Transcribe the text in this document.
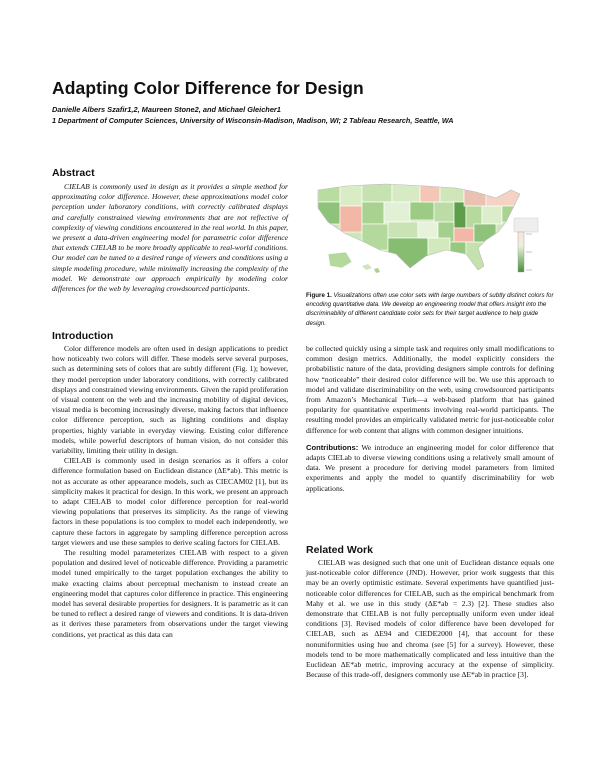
Adapting Color Difference for Design
Danielle Albers Szafir1,2, Maureen Stone2, and Michael Gleicher1
1 Department of Computer Sciences, University of Wisconsin-Madison, Madison, WI; 2 Tableau Research, Seattle, WA
Abstract

CIELAB is commonly used in design as it provides a simple method for approximating color difference. However, these approximations model color perception under laboratory conditions, with correctly calibrated displays and carefully constrained viewing environments that are not reflective of complexity of viewing conditions encountered in the real world. In this paper, we present a data-driven engineering model for parametric color difference that extends CIELAB to be more broadly applicable to real-world conditions. Our model can be tuned to a desired range of viewers and conditions using a simple modeling procedure, while minimally increasing the complexity of the model. We demonstrate our approach empirically by modeling color differences for the web by leveraging crowdsourced participants.

Figure 1. Visualizations often use color sets with large numbers of subtly distinct colors for encoding quantitative data. We develop an engineering model that offers insight into the discriminability of different candidate color sets for their target audience to help guide design.
Introduction

Color difference models are often used in design applications to predict how noticeably two colors will differ. These models serve several purposes, such as determining sets of colors that are subtly different (Fig. 1); however, they model perception under laboratory conditions, with correctly calibrated displays and constrained viewing environments. Given the rapid proliferation of visual content on the web and the increasing mobility of digital devices, visual media is becoming increasingly diverse, making factors that influence color difference perception, such as lighting conditions and display properties, highly variable in everyday viewing. Existing color difference models, while powerful descriptors of human vision, do not consider this variability, limiting their utility in design.

CIELAB is commonly used in design scenarios as it offers a color difference formulation based on Euclidean distance (ΔE*ab). This metric is not as accurate as other appearance models, such as CIECAM02 [1], but its simplicity makes it practical for design. In this work, we present an approach to adapt CIELAB to model color difference perception for real-world viewing populations that preserves its simplicity. As the range of viewing factors in these populations is too complex to model each independently, we capture these factors in aggregate by sampling difference perception across target viewers and use these samples to derive scaling factors for CIELAB.

The resulting model parameterizes CIELAB with respect to a given population and desired level of noticeable difference. Providing a parametric model tuned empirically to the target population exchanges the ability to make exacting claims about perceptual mechanism to instead create an engineering model that captures color difference in practice. This engineering model has several desirable properties for designers. It is parametric as it can be tuned to reflect a desired range of viewers and conditions. It is data-driven as it derives these parameters from observations under the target viewing conditions, yet practical as this data can

be collected quickly using a simple task and requires only small modifications to common design metrics. Additionally, the model explicitly considers the probabilistic nature of the data, providing designers simple controls for defining how “noticeable” their desired color difference will be. We use this approach to model and validate discriminability on the web, using crowdsourced participants from Amazon’s Mechanical Turk—a web-based platform that has gained popularity for quantitative experiments involving real-world participants. The resulting model provides an empirically validated metric for just-noticeable color difference for web content that aligns with common designer intuitions.

Contributions: We introduce an engineering model for color difference that adapts CIELab to diverse viewing conditions using a relatively small amount of data. We present a procedure for deriving model parameters from limited experiments and apply the model to quantify discriminability for web applications.

Related Work

CIELAB was designed such that one unit of Euclidean distance equals one just-noticeable color difference (JND). However, prior work suggests that this may be an overly optimistic estimate. Several experiments have quantified just-noticeable color differences for CIELAB, such as the empirical benchmark from Mahy et al. we use in this study (ΔE*ab = 2.3) [2]. These studies also demonstrate that CIELAB is not fully perceptually uniform even under ideal conditions [3]. Revised models of color difference have been developed for CIELAB, such as ΔE94 and CIEDE2000 [4], that account for these nonuniformities using hue and chroma (see [5] for a survey). However, these models tend to be more mathematically complicated and less intuitive than the Euclidean ΔE*ab metric, improving accuracy at the expense of simplicity. Because of this trade-off, designers commonly use ΔE*ab in practice [3].
